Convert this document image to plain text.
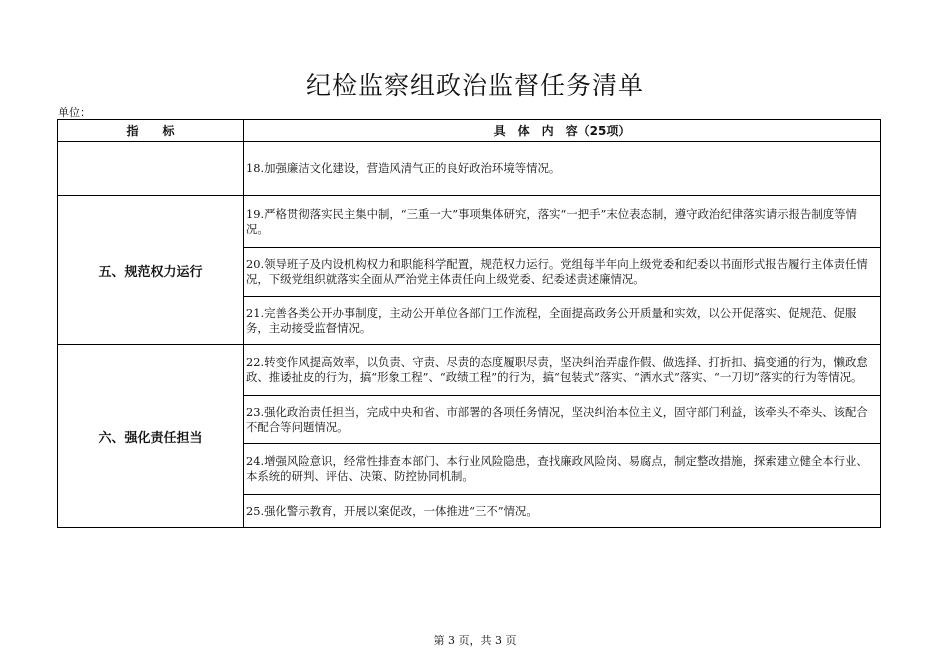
纪检监察组政治监督任务清单
单位：
指　　标	具　体　内　容（25项）

	18.加强廉洁文化建设，营造风清气正的良好政治环境等情况。

五、规范权力运行	19.严格贯彻落实民主集中制，“三重一大”事项集体研究，落实“一把手”末位表态制，遵守政治纪律落实请示报告制度等情况。

	20.领导班子及内设机构权力和职能科学配置，规范权力运行。党组每半年向上级党委和纪委以书面形式报告履行主体责任情况，下级党组织就落实全面从严治党主体责任向上级党委、纪委述责述廉情况。

	21.完善各类公开办事制度，主动公开单位各部门工作流程，全面提高政务公开质量和实效，以公开促落实、促规范、促服务，主动接受监督情况。

六、强化责任担当	22.转变作风提高效率，以负责、守责、尽责的态度履职尽责，坚决纠治弄虚作假、做选择、打折扣、搞变通的行为，懒政怠政、推诿扯皮的行为，搞“形象工程”、“政绩工程”的行为，搞“包装式”落实、“洒水式”落实、“一刀切”落实的行为等情况。

	23.强化政治责任担当，完成中央和省、市部署的各项任务情况，坚决纠治本位主义，固守部门利益，该牵头不牵头、该配合不配合等问题情况。

	24.增强风险意识，经常性排查本部门、本行业风险隐患，查找廉政风险岗、易腐点，制定整改措施，探索建立健全本行业、本系统的研判、评估、决策、防控协同机制。

	25.强化警示教育，开展以案促改，一体推进“三不”情况。
第 3 页，共 3 页
